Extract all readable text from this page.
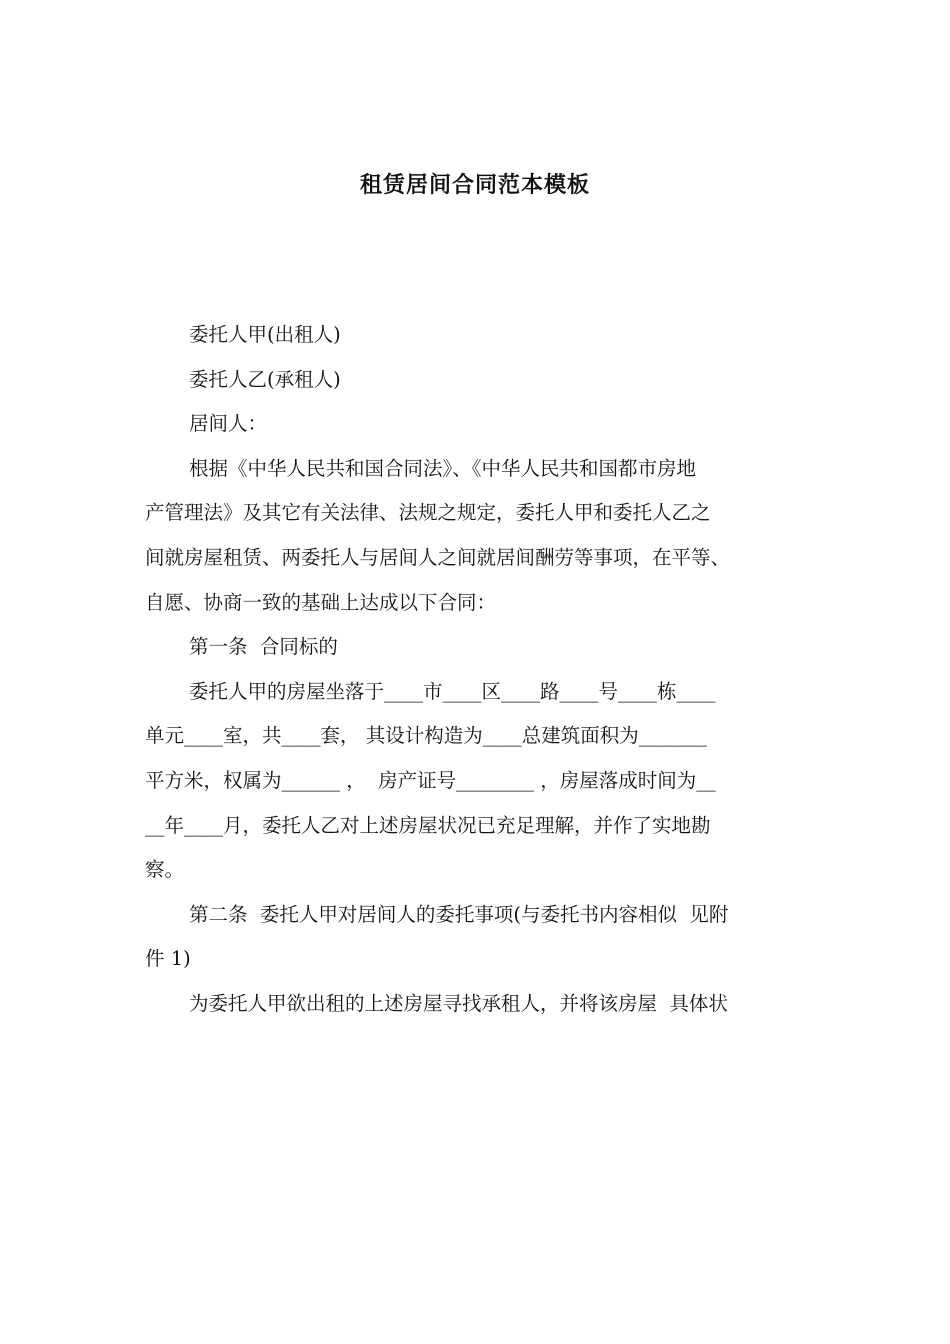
租赁居间合同范本模板
委托人甲(出租人)
委托人乙(承租人)
居间人：
根据《中华人民共和国合同法》、《中华人民共和国都市房地
产管理法》及其它有关法律、法规之规定，委托人甲和委托人乙之
间就房屋租赁、两委托人与居间人之间就居间酬劳等事项，在平等、
自愿、协商一致的基础上达成以下合同：
第一条  合同标的
委托人甲的房屋坐落于____市____区____路____号____栋____
单元____室，共____套， 其设计构造为____总建筑面积为_______
平方米，权属为______ ，  房产证号________ ，房屋落成时间为__
__年____月，委托人乙对上述房屋状况已充足理解，并作了实地勘
察。
第二条  委托人甲对居间人的委托事项(与委托书内容相似  见附
件 1)
为委托人甲欲出租的上述房屋寻找承租人，并将该房屋  具体状
